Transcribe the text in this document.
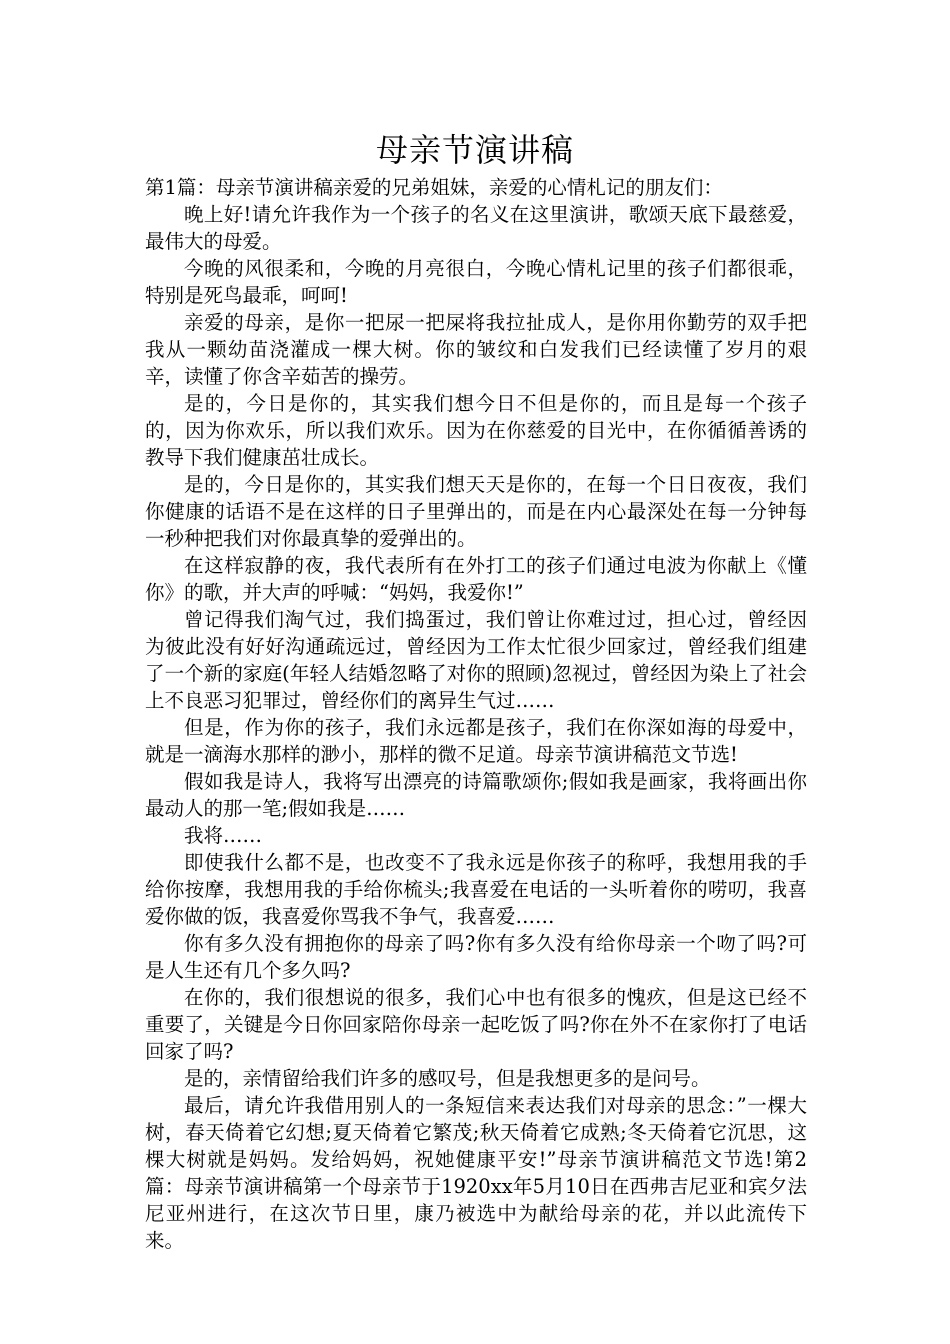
母亲节演讲稿

第1篇：母亲节演讲稿亲爱的兄弟姐妹，亲爱的心情札记的朋友们：

晚上好!请允许我作为一个孩子的名义在这里演讲，歌颂天底下最慈爱，最伟大的母爱。

今晚的风很柔和，今晚的月亮很白，今晚心情札记里的孩子们都很乖，特别是死鸟最乖，呵呵!

亲爱的母亲，是你一把尿一把屎将我拉扯成人，是你用你勤劳的双手把我从一颗幼苗浇灌成一棵大树。你的皱纹和白发我们已经读懂了岁月的艰辛，读懂了你含辛茹苦的操劳。

是的，今日是你的，其实我们想今日不但是你的，而且是每一个孩子的，因为你欢乐，所以我们欢乐。因为在你慈爱的目光中，在你循循善诱的教导下我们健康茁壮成长。

是的，今日是你的，其实我们想天天是你的，在每一个日日夜夜，我们你健康的话语不是在这样的日子里弹出的，而是在内心最深处在每一分钟每一秒种把我们对你最真挚的爱弹出的。

在这样寂静的夜，我代表所有在外打工的孩子们通过电波为你献上《懂你》的歌，并大声的呼喊：“妈妈，我爱你!”

曾记得我们淘气过，我们捣蛋过，我们曾让你难过过，担心过，曾经因为彼此没有好好沟通疏远过，曾经因为工作太忙很少回家过，曾经我们组建了一个新的家庭(年轻人结婚忽略了对你的照顾)忽视过，曾经因为染上了社会上不良恶习犯罪过，曾经你们的离异生气过……

但是，作为你的孩子，我们永远都是孩子，我们在你深如海的母爱中，就是一滴海水那样的渺小，那样的微不足道。母亲节演讲稿范文节选!

假如我是诗人，我将写出漂亮的诗篇歌颂你;假如我是画家，我将画出你最动人的那一笔;假如我是……

我将……

即使我什么都不是，也改变不了我永远是你孩子的称呼，我想用我的手给你按摩，我想用我的手给你梳头;我喜爱在电话的一头听着你的唠叨，我喜爱你做的饭，我喜爱你骂我不争气，我喜爱……

你有多久没有拥抱你的母亲了吗?你有多久没有给你母亲一个吻了吗?可是人生还有几个多久吗?

在你的，我们很想说的很多，我们心中也有很多的愧疚，但是这已经不重要了，关键是今日你回家陪你母亲一起吃饭了吗?你在外不在家你打了电话回家了吗?

是的，亲情留给我们许多的感叹号，但是我想更多的是问号。

最后，请允许我借用别人的一条短信来表达我们对母亲的思念：”一棵大树，春天倚着它幻想;夏天倚着它繁茂;秋天倚着它成熟;冬天倚着它沉思，这棵大树就是妈妈。发给妈妈，祝她健康平安!”母亲节演讲稿范文节选!第2篇：母亲节演讲稿第一个母亲节于1920xx年5月10日在西弗吉尼亚和宾夕法尼亚州进行，在这次节日里，康乃被选中为献给母亲的花，并以此流传下来。
